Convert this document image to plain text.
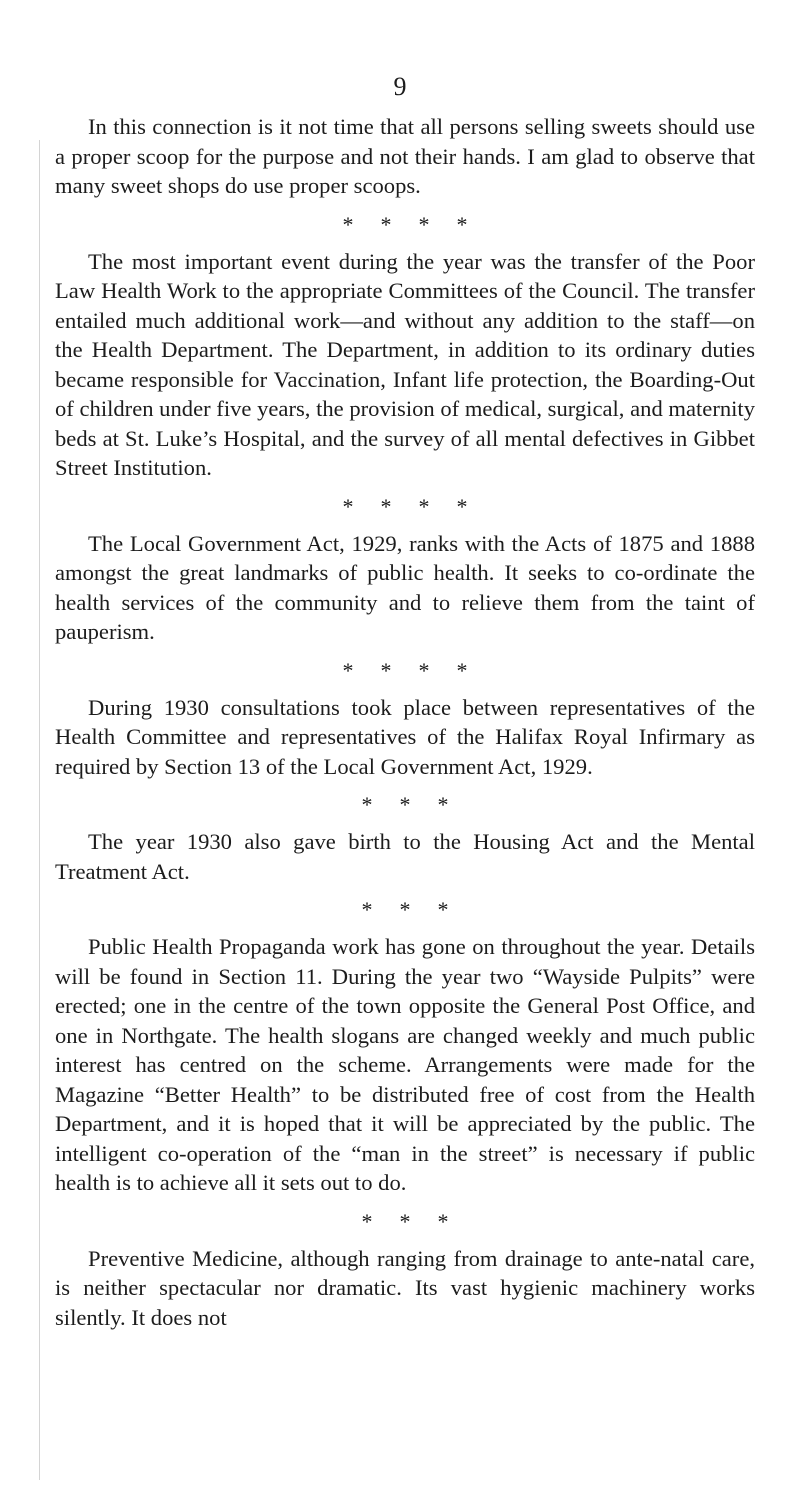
9

In this connection is it not time that all persons selling sweets should use a proper scoop for the purpose and not their hands. I am glad to observe that many sweet shops do use proper scoops.

* * * *

The most important event during the year was the transfer of the Poor Law Health Work to the appropriate Committees of the Council. The transfer entailed much additional work—and without any addition to the staff—on the Health Department. The Department, in addition to its ordinary duties became responsible for Vaccination, Infant life protection, the Boarding-Out of children under five years, the provision of medical, surgical, and maternity beds at St. Luke’s Hospital, and the survey of all mental defectives in Gibbet Street Institution.

* * * *

The Local Government Act, 1929, ranks with the Acts of 1875 and 1888 amongst the great landmarks of public health. It seeks to co-ordinate the health services of the community and to relieve them from the taint of pauperism.

* * * *

During 1930 consultations took place between representatives of the Health Committee and representatives of the Halifax Royal Infirmary as required by Section 13 of the Local Government Act, 1929.

* * *

The year 1930 also gave birth to the Housing Act and the Mental Treatment Act.

* * *

Public Health Propaganda work has gone on throughout the year. Details will be found in Section 11. During the year two “Wayside Pulpits” were erected; one in the centre of the town opposite the General Post Office, and one in Northgate. The health slogans are changed weekly and much public interest has centred on the scheme. Arrangements were made for the Magazine “Better Health” to be distributed free of cost from the Health Department, and it is hoped that it will be appreciated by the public. The intelligent co-operation of the “man in the street” is necessary if public health is to achieve all it sets out to do.

* * *

Preventive Medicine, although ranging from drainage to ante-natal care, is neither spectacular nor dramatic. Its vast hygienic machinery works silently. It does not
